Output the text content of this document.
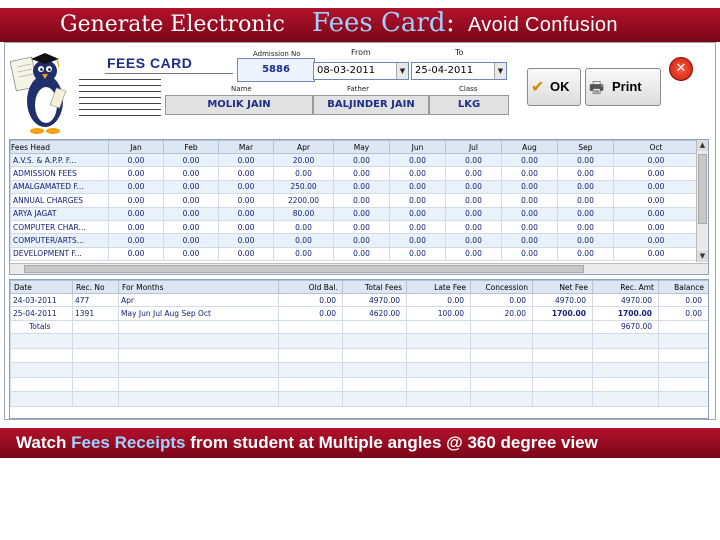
Generate Electronic Fees Card : Avoid Confusion
FEES CARD
Admission No
5886
From
08-03-2011	▼
To
25-04-2011	▼
Name	Father	Class
MOLIK JAIN	BALJINDER JAIN	LKG
✔ OK 🖶 Print
✕
Fees Head	Jan	Feb	Mar	Apr	May	Jun	Jul	Aug	Sep	Oct
A.V.S. & A.P.P. F...	0.00	0.00	0.00	20.00	0.00	0.00	0.00	0.00	0.00	0.00
ADMISSION FEES	0.00	0.00	0.00	0.00	0.00	0.00	0.00	0.00	0.00	0.00
AMALGAMATED F...	0.00	0.00	0.00	250.00	0.00	0.00	0.00	0.00	0.00	0.00
ANNUAL CHARGES	0.00	0.00	0.00	2200.00	0.00	0.00	0.00	0.00	0.00	0.00
ARYA JAGAT	0.00	0.00	0.00	80.00	0.00	0.00	0.00	0.00	0.00	0.00
COMPUTER CHAR...	0.00	0.00	0.00	0.00	0.00	0.00	0.00	0.00	0.00	0.00
COMPUTER/ARTS...	0.00	0.00	0.00	0.00	0.00	0.00	0.00	0.00	0.00	0.00
DEVELOPMENT F...	0.00	0.00	0.00	0.00	0.00	0.00	0.00	0.00	0.00	0.00
▲
▼
Date	Rec. No	For Months	Old Bal.	Total Fees	Late Fee	Concession	Net Fee	Rec. Amt	Balance
24-03-2011	477	Apr	0.00	4970.00	0.00	0.00	4970.00	4970.00	0.00
25-04-2011	1391	May Jun Jul Aug Sep Oct	0.00	4620.00	100.00	20.00	1700.00	1700.00	0.00
Totals								9670.00	

Watch Fees Receipts from student at Multiple angles @ 360 degree view
